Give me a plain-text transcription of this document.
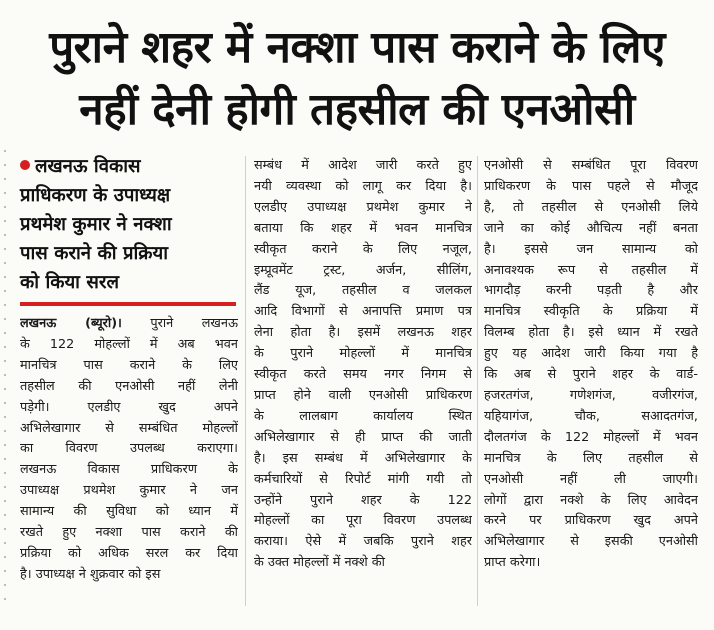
पुराने शहर में नक्शा पास कराने के लिए
नहीं देनी होगी तहसील की एनओसी
लखनऊ विकास
प्राधिकरण के उपाध्यक्ष
प्रथमेश कुमार ने नक्शा
पास कराने की प्रक्रिया
को किया सरल
लखनऊ (ब्यूरो)। पुराने लखनऊ
के 122 मोहल्लों में अब भवन
मानचित्र पास कराने के लिए
तहसील की एनओसी नहीं लेनी
पड़ेगी। एलडीए खुद अपने
अभिलेखागार से सम्बंधित मोहल्लों
का विवरण उपलब्ध कराएगा।
लखनऊ विकास प्राधिकरण के
उपाध्यक्ष प्रथमेश कुमार ने जन
सामान्य की सुविधा को ध्यान में
रखते हुए नक्शा पास कराने की
प्रक्रिया को अधिक सरल कर दिया
है। उपाध्यक्ष ने शुक्रवार को इस
सम्बंध में आदेश जारी करते हुए
नयी व्यवस्था को लागू कर दिया है।
एलडीए उपाध्यक्ष प्रथमेश कुमार ने
बताया कि शहर में भवन मानचित्र
स्वीकृत कराने के लिए नजूल,
इम्प्रूवमेंट ट्रस्ट, अर्जन, सीलिंग,
लैंड यूज, तहसील व जलकल
आदि विभागों से अनापत्ति प्रमाण पत्र
लेना होता है। इसमें लखनऊ शहर
के पुराने मोहल्लों में मानचित्र
स्वीकृत करते समय नगर निगम से
प्राप्त होने वाली एनओसी प्राधिकरण
के लालबाग कार्यालय स्थित
अभिलेखागार से ही प्राप्त की जाती
है। इस सम्बंध में अभिलेखागार के
कर्मचारियों से रिपोर्ट मांगी गयी तो
उन्होंने पुराने शहर के 122
मोहल्लों का पूरा विवरण उपलब्ध
कराया। ऐसे में जबकि पुराने शहर
के उक्त मोहल्लों में नक्शे की
एनओसी से सम्बंधित पूरा विवरण
प्राधिकरण के पास पहले से मौजूद
है, तो तहसील से एनओसी लिये
जाने का कोई औचित्य नहीं बनता
है। इससे जन सामान्य को
अनावश्यक रूप से तहसील में
भागदौड़ करनी पड़ती है और
मानचित्र स्वीकृति के प्रक्रिया में
विलम्ब होता है। इसे ध्यान में रखते
हुए यह आदेश जारी किया गया है
कि अब से पुराने शहर के वार्ड-
हजरतगंज, गणेशगंज, वजीरगंज,
यहियागंज, चौक, सआदतगंज,
दौलतगंज के 122 मोहल्लों में भवन
मानचित्र के लिए तहसील से
एनओसी नहीं ली जाएगी।
लोगों द्वारा नक्शे के लिए आवेदन
करने पर प्राधिकरण खुद अपने
अभिलेखागार से इसकी एनओसी
प्राप्त करेगा।
